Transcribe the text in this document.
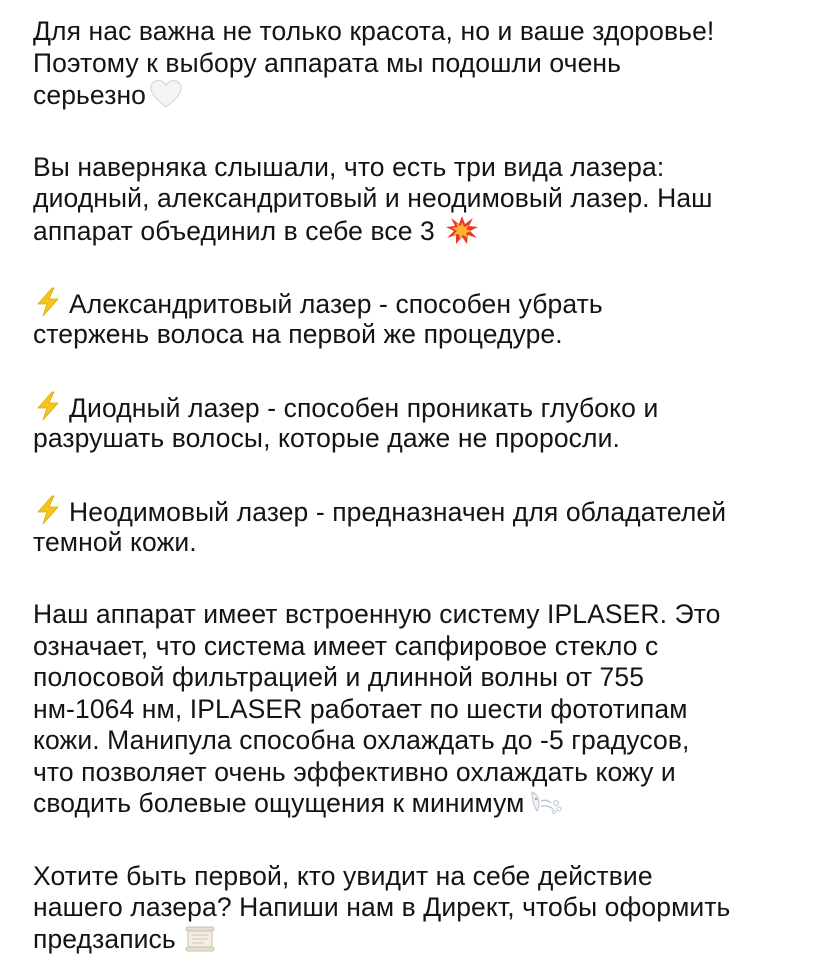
Для нас важна не только красота, но и ваше здоровье!
Поэтому к выбору аппарата мы подошли очень
серьезно
Вы наверняка слышали, что есть три вида лазера:
диодный, александритовый и неодимовый лазер. Наш
аппарат объединил в себе все 3
Александритовый лазер - способен убрать
стержень волоса на первой же процедуре.
Диодный лазер - способен проникать глубоко и
разрушать волосы, которые даже не проросли.
Неодимовый лазер - предназначен для обладателей
темной кожи.
Наш аппарат имеет встроенную систему IPLASER. Это
означает, что система имеет сапфировое стекло с
полосовой фильтрацией и длинной волны от 755
нм-1064 нм, IPLASER работает по шести фототипам
кожи. Манипула способна охлаждать до -5 градусов,
что позволяет очень эффективно охлаждать кожу и
сводить болевые ощущения к минимум
Хотите быть первой, кто увидит на себе действие
нашего лазера? Напиши нам в Директ, чтобы оформить
предзапись
